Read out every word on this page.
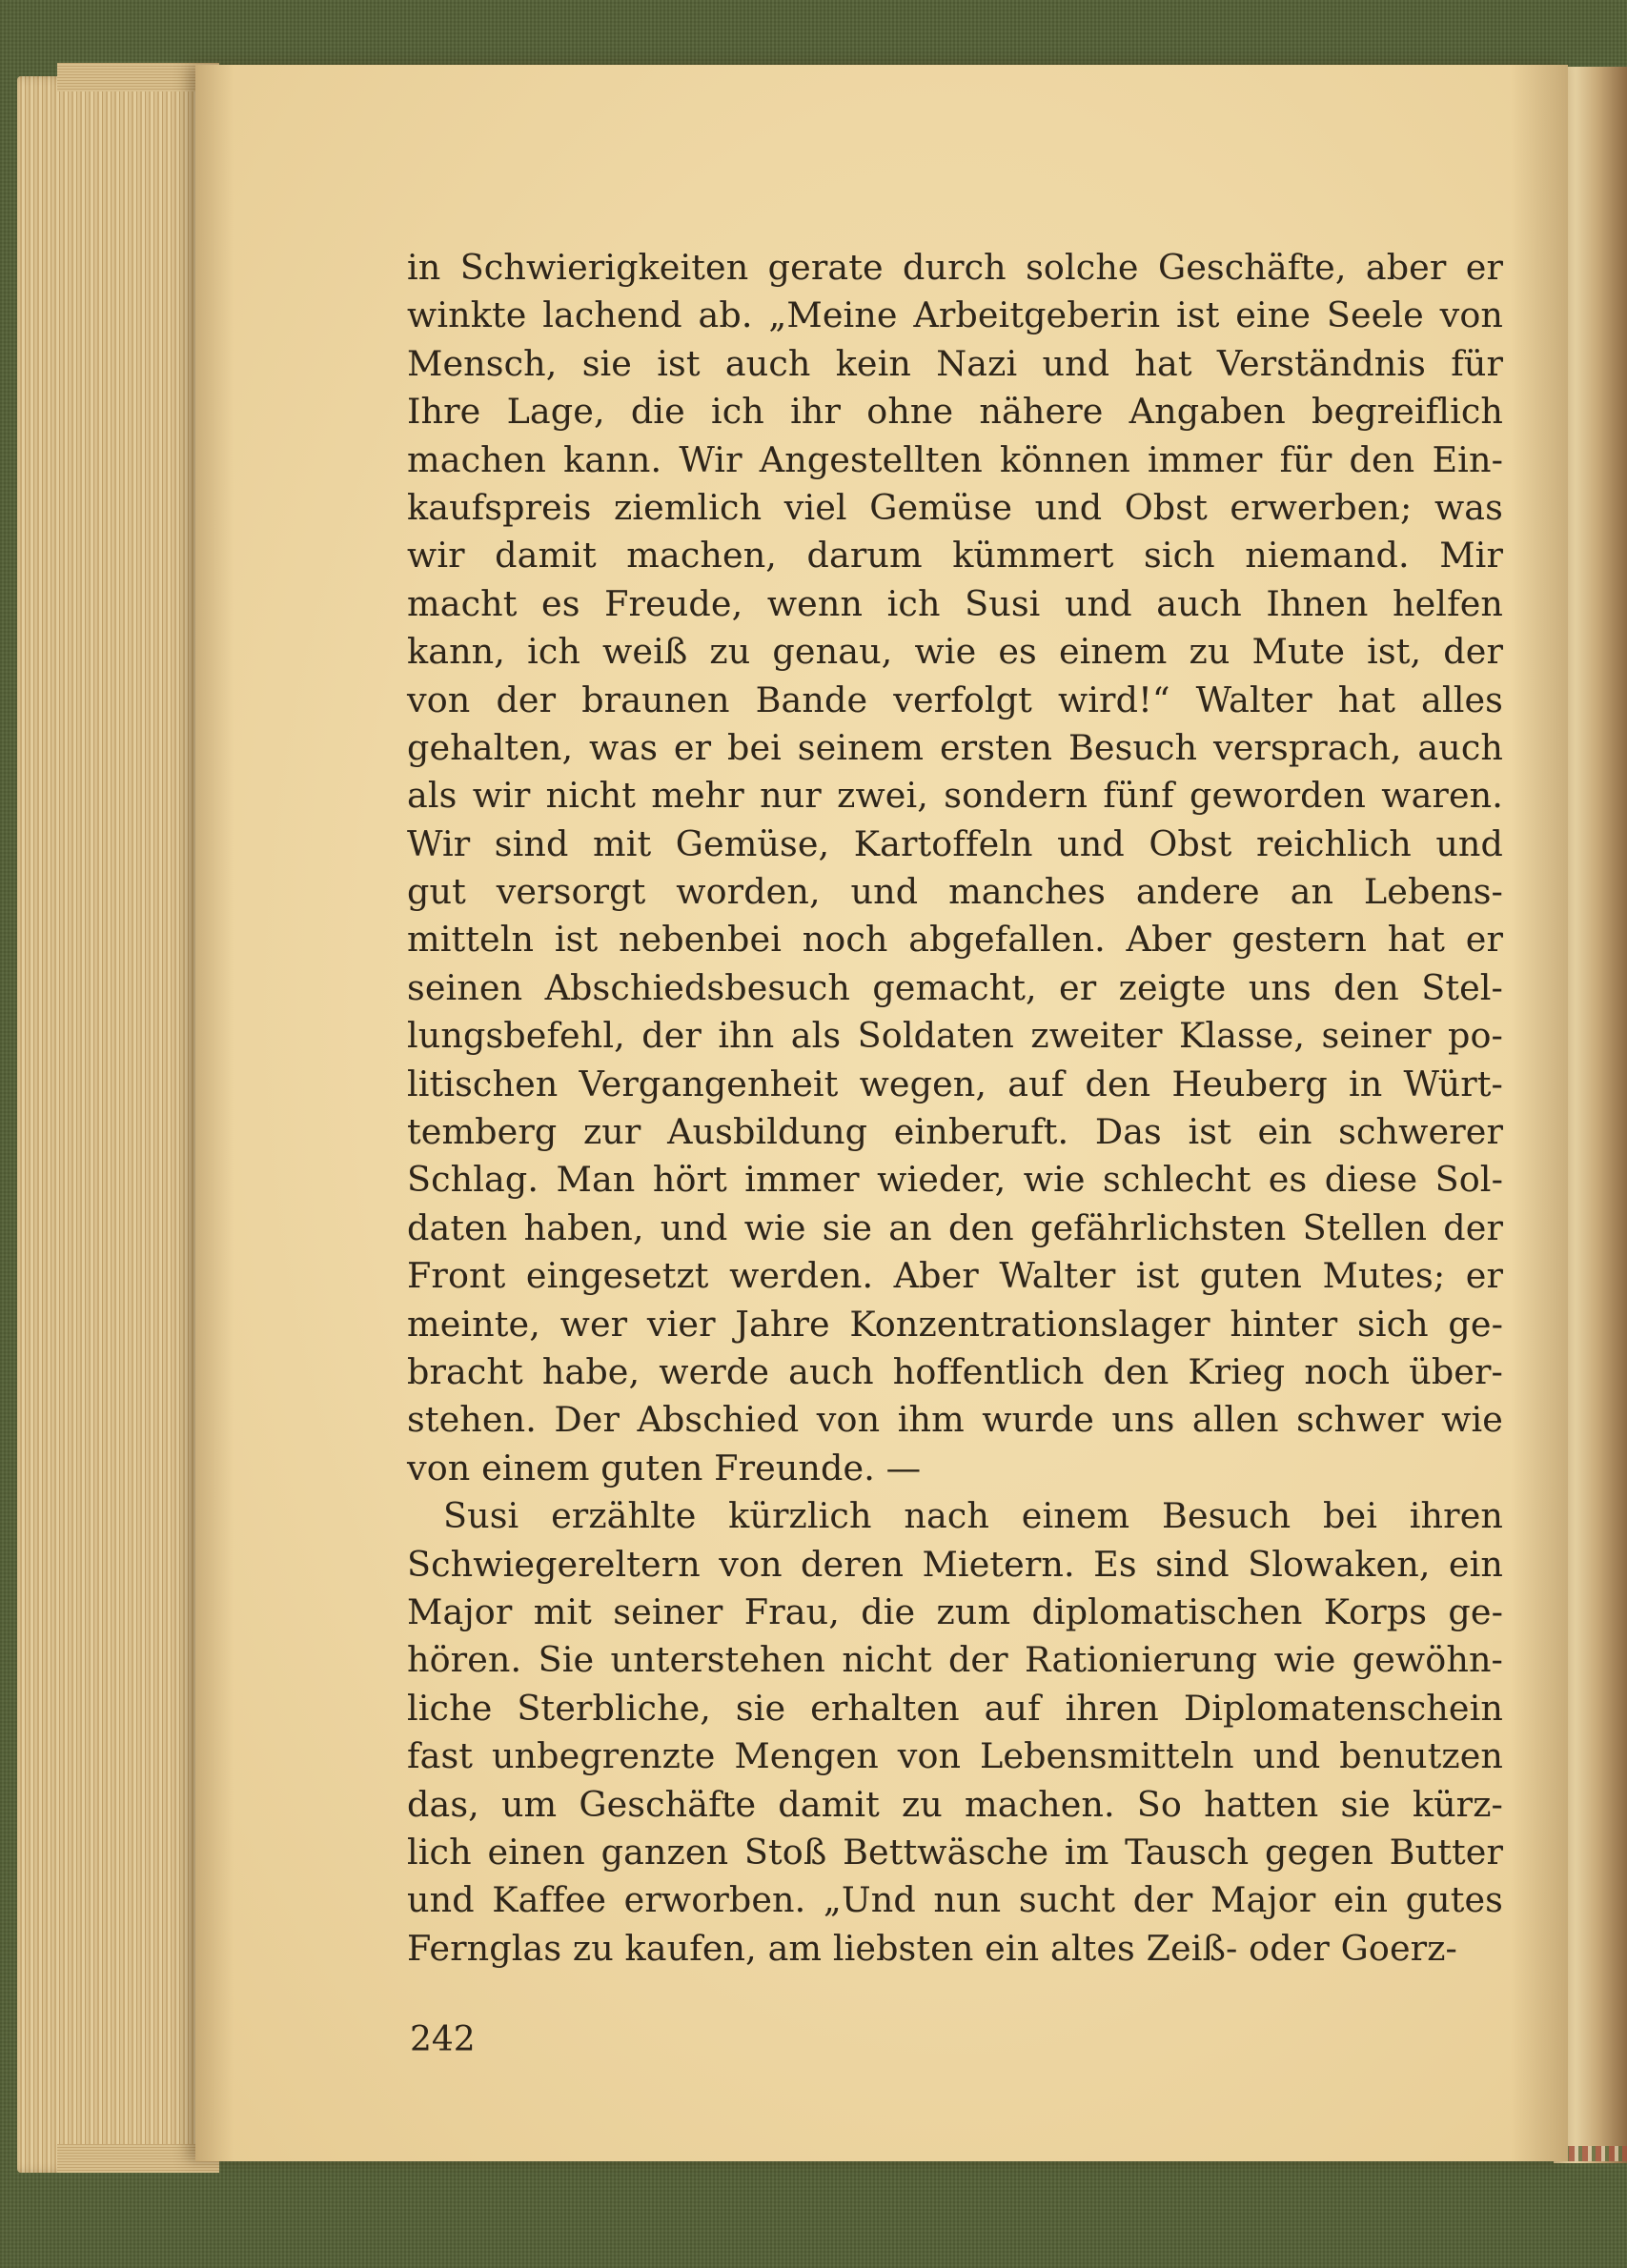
in Schwierigkeiten gerate durch solche Geschäfte, aber er
winkte lachend ab. „Meine Arbeitgeberin ist eine Seele von
Mensch, sie ist auch kein Nazi und hat Verständnis für
Ihre Lage, die ich ihr ohne nähere Angaben begreiflich
machen kann. Wir Angestellten können immer für den Ein-
kaufspreis ziemlich viel Gemüse und Obst erwerben; was
wir damit machen, darum kümmert sich niemand. Mir
macht es Freude, wenn ich Susi und auch Ihnen helfen
kann, ich weiß zu genau, wie es einem zu Mute ist, der
von der braunen Bande verfolgt wird!“ Walter hat alles
gehalten, was er bei seinem ersten Besuch versprach, auch
als wir nicht mehr nur zwei, sondern fünf geworden waren.
Wir sind mit Gemüse, Kartoffeln und Obst reichlich und
gut versorgt worden, und manches andere an Lebens-
mitteln ist nebenbei noch abgefallen. Aber gestern hat er
seinen Abschiedsbesuch gemacht, er zeigte uns den Stel-
lungsbefehl, der ihn als Soldaten zweiter Klasse, seiner po-
litischen Vergangenheit wegen, auf den Heuberg in Würt-
temberg zur Ausbildung einberuft. Das ist ein schwerer
Schlag. Man hört immer wieder, wie schlecht es diese Sol-
daten haben, und wie sie an den gefährlichsten Stellen der
Front eingesetzt werden. Aber Walter ist guten Mutes; er
meinte, wer vier Jahre Konzentrationslager hinter sich ge-
bracht habe, werde auch hoffentlich den Krieg noch über-
stehen. Der Abschied von ihm wurde uns allen schwer wie
von einem guten Freunde. —
Susi erzählte kürzlich nach einem Besuch bei ihren
Schwiegereltern von deren Mietern. Es sind Slowaken, ein
Major mit seiner Frau, die zum diplomatischen Korps ge-
hören. Sie unterstehen nicht der Rationierung wie gewöhn-
liche Sterbliche, sie erhalten auf ihren Diplomatenschein
fast unbegrenzte Mengen von Lebensmitteln und benutzen
das, um Geschäfte damit zu machen. So hatten sie kürz-
lich einen ganzen Stoß Bettwäsche im Tausch gegen Butter
und Kaffee erworben. „Und nun sucht der Major ein gutes
Fernglas zu kaufen, am liebsten ein altes Zeiß- oder Goerz-
242
